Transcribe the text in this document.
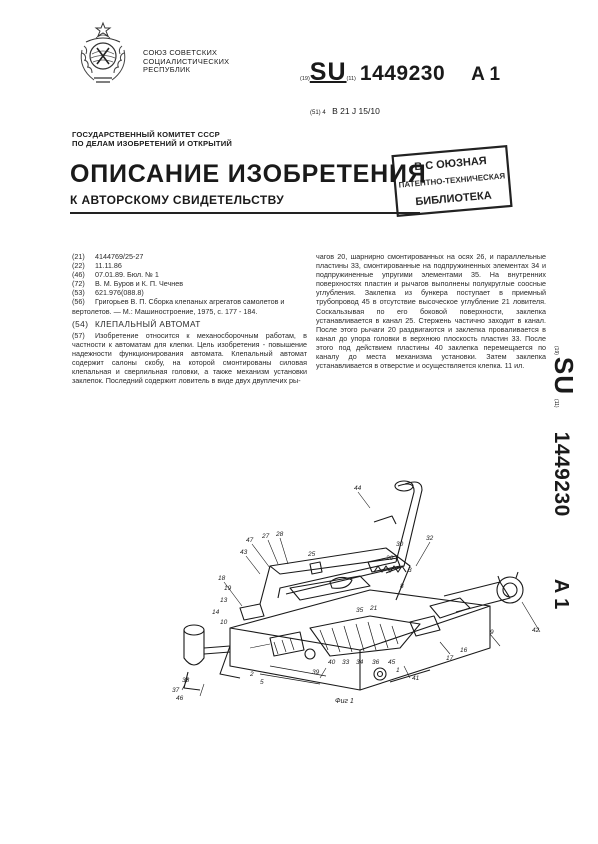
СОЮЗ СОВЕТСКИХ
СОЦИАЛИСТИЧЕСКИХ
РЕСПУБЛИК
(19) SU (11) 1449230 A 1
(51) 4 B 21 J 15/10
ГОСУДАРСТВЕННЫЙ КОМИТЕТ СССР
ПО ДЕЛАМ ИЗОБРЕТЕНИЙ И ОТКРЫТИЙ
В С ОЮЗНАЯ
ПАТЕНТНО-ТЕХНИЧЕСКАЯ
БИБЛИОТЕКА
ОПИСАНИЕ ИЗОБРЕТЕНИЯ
К АВТОРСКОМУ СВИДЕТЕЛЬСТВУ
(21) 4144769/25-27
(22) 11.11.86
(46) 07.01.89. Бюл. № 1
(72) В. М. Буров и К. П. Чечнев
(53) 621.976(088.8)
(56) Григорьев В. П. Сборка клепаных агрегатов самолетов и вертолетов. — М.: Машиностроение, 1975, с. 177 - 184.
(54) КЛЕПАЛЬНЫЙ АВТОМАТ
(57) Изобретение относится к механосборочным работам, в частности к автоматам для клепки. Цель изобретения - повышение надежности функционирования автомата. Клепальный автомат содержит салоны скобу, на которой смонтированы силовая клепальная и сверлильная головки, а также механизм установки заклепок. Последний содержит ловитель в виде двух двуплечих ры-
чагов 20, шарнирно смонтированных на осях 26, и параллельные пластины 33, смонтированные на подпружиненных элементах 34 и подпружиненные упругими элементами 35. На внутренних поверхностях пластин и рычагов выполнены полукруглые соосные углубления. Заклепка из бункера поступает в приемный трубопровод 45 в отсутствие высоческое углубление 21 ловителя. Соскальзывая по его боковой поверхности, заклепка устанавливается в канал 25. Стержень частично заходит в канал. После этого рычаги 20 раздвигаются и заклепка проваливается в канал до упора головки в верхнюю плоскость пластин 33. После этого под действием пластины 40 заклепка перемещается по каналу до места механизма установки. Затем заклепка устанавливается в отверстие и осуществляется клепка. 11 ил.
(19)
SU
(11)
1449230
A 1
44
47
43
27 28
18
19
25
30
32
13
42
14
10
37
38
46
2
5
8
41
39
40 33 34 36 45
1
17
16
9
21
35
20
3
Фиг 1
